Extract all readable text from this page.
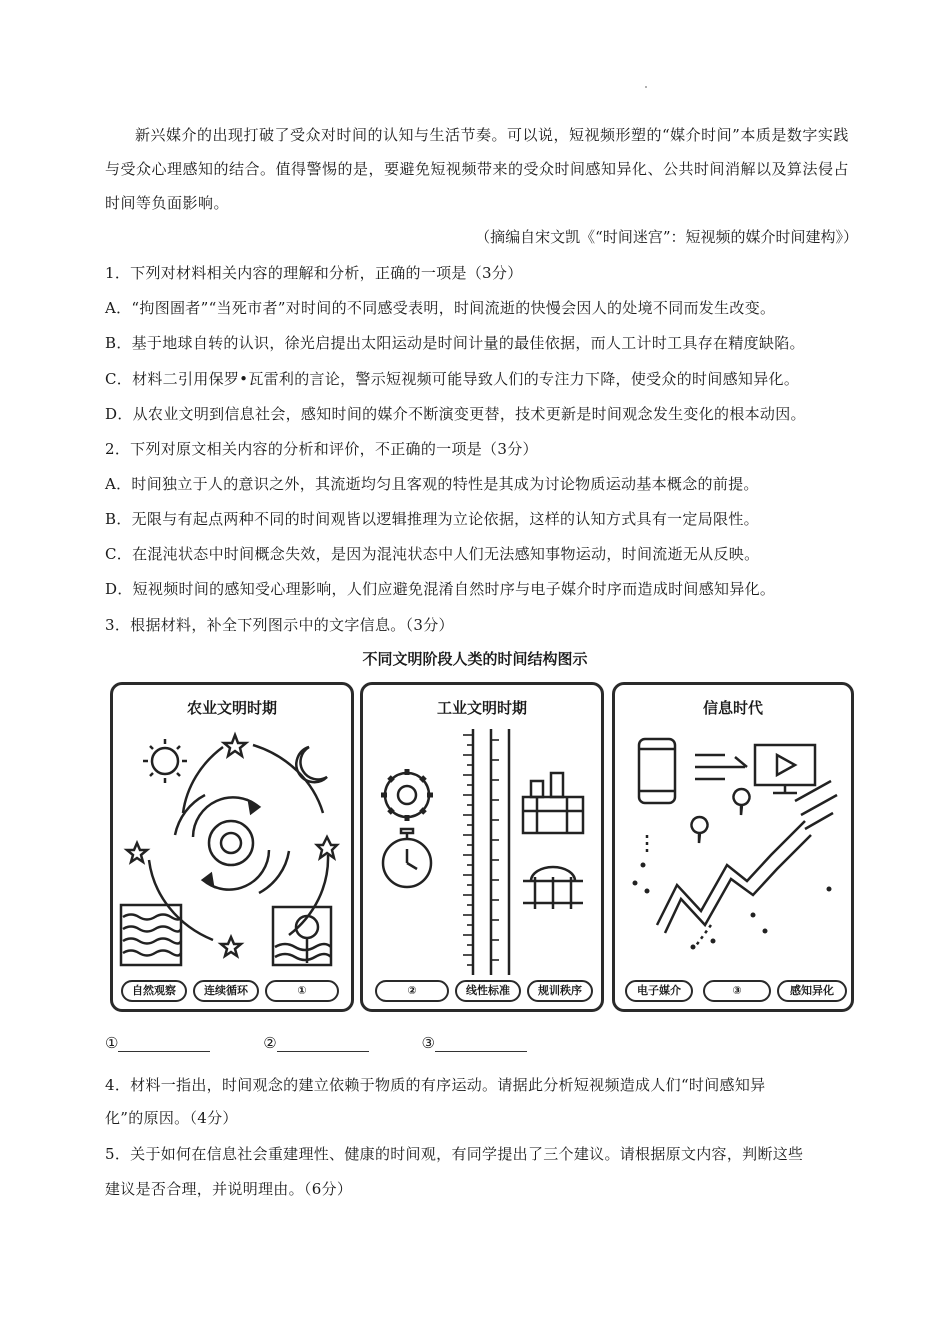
新兴媒介的出现打破了受众对时间的认知与生活节奏。可以说，短视频形塑的“媒介时间”本质是数字实践与受众心理感知的结合。值得警惕的是，要避免短视频带来的受众时间感知异化、公共时间消解以及算法侵占时间等负面影响。
（摘编自宋文凯《“时间迷宫”：短视频的媒介时间建构》）
1．下列对材料相关内容的理解和分析，正确的一项是（3分）
A．“拘图圄者”“当死市者”对时间的不同感受表明，时间流逝的快慢会因人的处境不同而发生改变。
B．基于地球自转的认识，徐光启提出太阳运动是时间计量的最佳依据，而人工计时工具存在精度缺陷。
C．材料二引用保罗•瓦雷利的言论，警示短视频可能导致人们的专注力下降，使受众的时间感知异化。
D．从农业文明到信息社会，感知时间的媒介不断演变更替，技术更新是时间观念发生变化的根本动因。
2．下列对原文相关内容的分析和评价，不正确的一项是（3分）
A．时间独立于人的意识之外，其流逝均匀且客观的特性是其成为讨论物质运动基本概念的前提。
B．无限与有起点两种不同的时间观皆以逻辑推理为立论依据，这样的认知方式具有一定局限性。
C．在混沌状态中时间概念失效，是因为混沌状态中人们无法感知事物运动，时间流逝无从反映。
D．短视频时间的感知受心理影响，人们应避免混淆自然时序与电子媒介时序而造成时间感知异化。
3．根据材料，补全下列图示中的文字信息。（3分）
不同文明阶段人类的时间结构图示
农业文明时期
自然观察	连续循环	①
工业文明时期
②	线性标准	规训秩序
信息时代
电子媒介	③	感知异化
①	②	③
4．材料一指出，时间观念的建立依赖于物质的有序运动。请据此分析短视频造成人们“时间感知异
化”的原因。（4分）
5．关于如何在信息社会重建理性、健康的时间观，有同学提出了三个建议。请根据原文内容，判断这些
建议是否合理，并说明理由。（6分）
